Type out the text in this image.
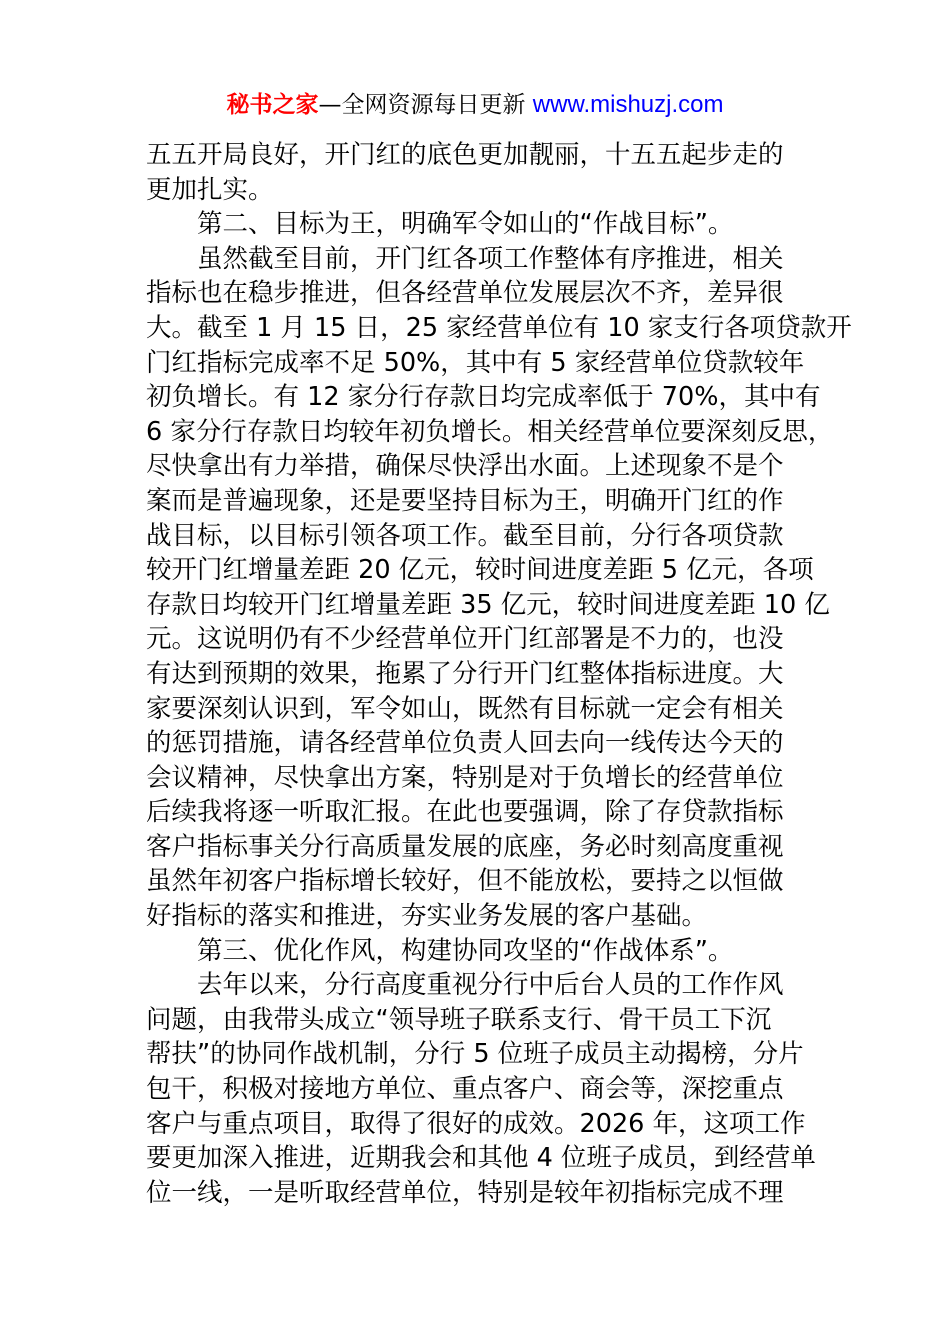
秘书之家—全网资源每日更新 www.mishuzj.com
五五开局良好，开门红的底色更加靓丽，十五五起步走的
更加扎实。
第二、目标为王，明确军令如山的“作战目标”。
虽然截至目前，开门红各项工作整体有序推进，相关
指标也在稳步推进，但各经营单位发展层次不齐，差异很
大。截至 1 月 15 日，25 家经营单位有 10 家支行各项贷款开
门红指标完成率不足 50%，其中有 5 家经营单位贷款较年
初负增长。有 12 家分行存款日均完成率低于 70%，其中有
6 家分行存款日均较年初负增长。相关经营单位要深刻反思，
尽快拿出有力举措，确保尽快浮出水面。上述现象不是个
案而是普遍现象，还是要坚持目标为王，明确开门红的作
战目标，以目标引领各项工作。截至目前，分行各项贷款
较开门红增量差距 20 亿元，较时间进度差距 5 亿元，各项
存款日均较开门红增量差距 35 亿元，较时间进度差距 10 亿
元。这说明仍有不少经营单位开门红部署是不力的，也没
有达到预期的效果，拖累了分行开门红整体指标进度。大
家要深刻认识到，军令如山，既然有目标就一定会有相关
的惩罚措施，请各经营单位负责人回去向一线传达今天的
会议精神，尽快拿出方案，特别是对于负增长的经营单位
后续我将逐一听取汇报。在此也要强调，除了存贷款指标
客户指标事关分行高质量发展的底座，务必时刻高度重视
虽然年初客户指标增长较好，但不能放松，要持之以恒做
好指标的落实和推进，夯实业务发展的客户基础。
第三、优化作风，构建协同攻坚的“作战体系”。
去年以来，分行高度重视分行中后台人员的工作作风
问题，由我带头成立“领导班子联系支行、骨干员工下沉
帮扶”的协同作战机制，分行 5 位班子成员主动揭榜，分片
包干，积极对接地方单位、重点客户、商会等，深挖重点
客户与重点项目，取得了很好的成效。2026 年，这项工作
要更加深入推进，近期我会和其他 4 位班子成员，到经营单
位一线，一是听取经营单位，特别是较年初指标完成不理
